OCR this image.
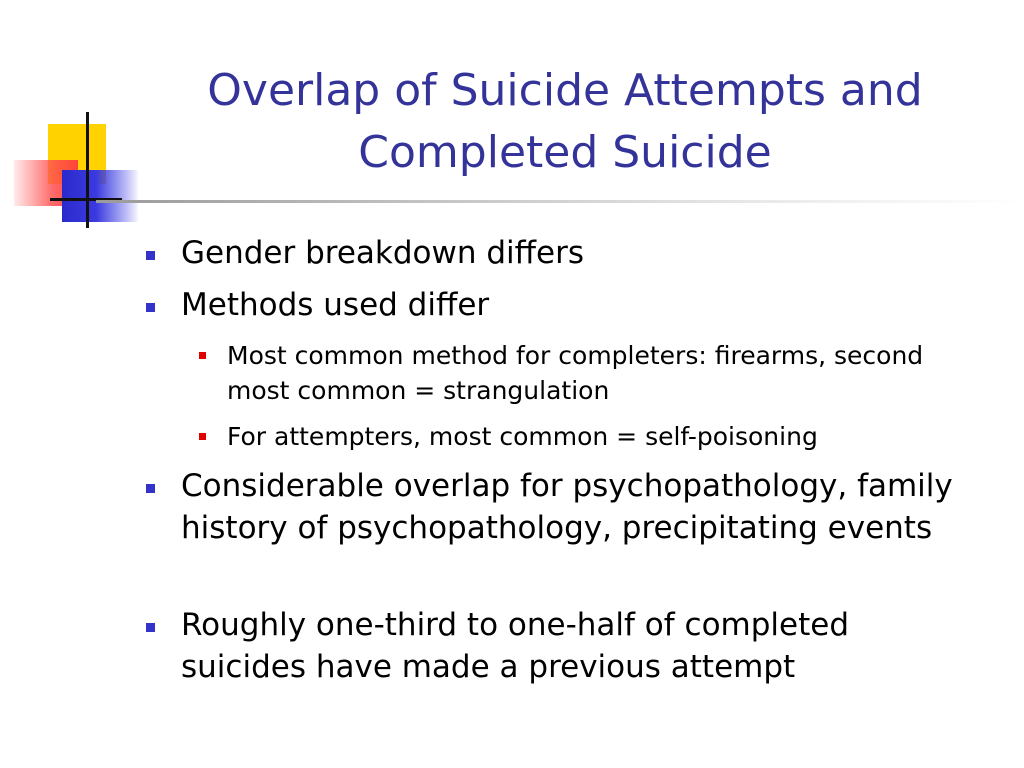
Overlap of Suicide Attempts and Completed Suicide
Gender breakdown differs
Methods used differ
Most common method for completers: firearms, second most common = strangulation
For attempters, most common = self-poisoning
Considerable overlap for psychopathology, family history of psychopathology, precipitating events
Roughly one-third to one-half of completed suicides have made a previous attempt
